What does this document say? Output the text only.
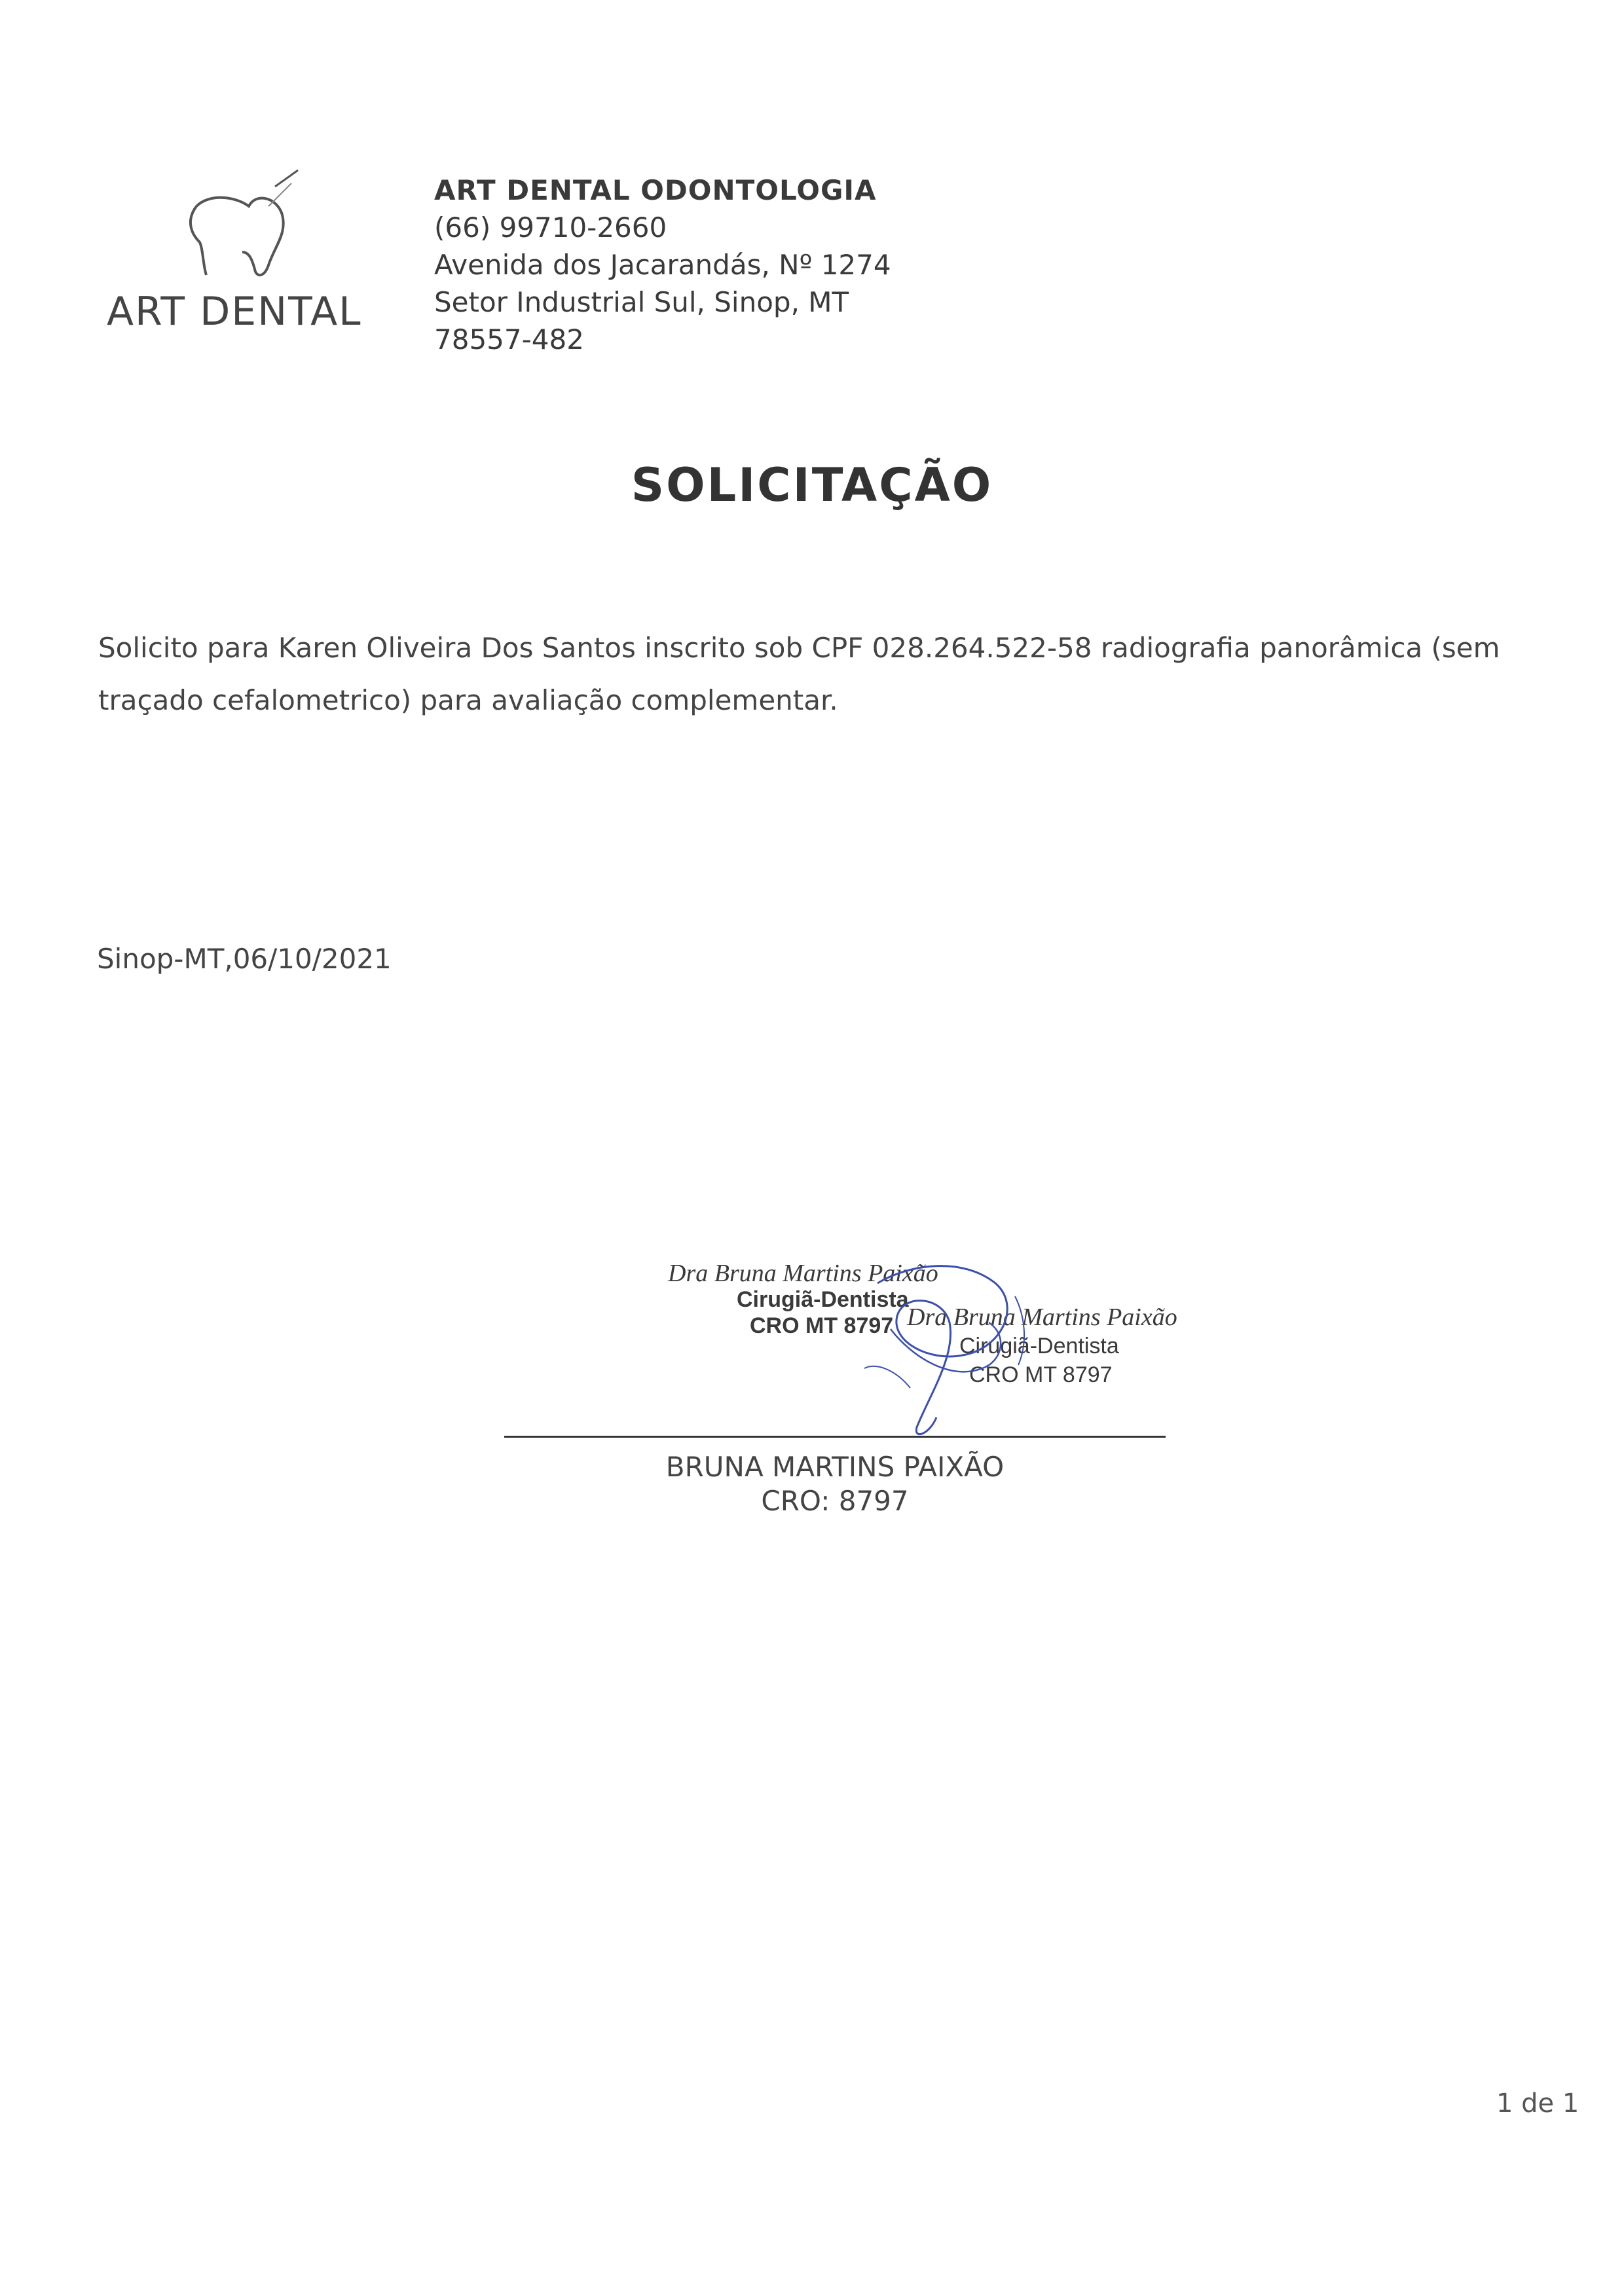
ART DENTAL
ART DENTAL ODONTOLOGIA
(66) 99710-2660
Avenida dos Jacarandás, Nº 1274
Setor Industrial Sul, Sinop, MT
78557-482
SOLICITAÇÃO
Solicito para Karen Oliveira Dos Santos inscrito sob CPF 028.264.522-58 radiografia panorâmica (sem
traçado cefalometrico) para avaliação complementar.
Sinop-MT,06/10/2021
Dra Bruna Martins Paixão
Cirugiã-Dentista
CRO MT 8797 Dra Bruna Martins Paixão
Cirugiã-Dentista
CRO MT 8797
BRUNA MARTINS PAIXÃO
CRO: 8797
1 de 1
